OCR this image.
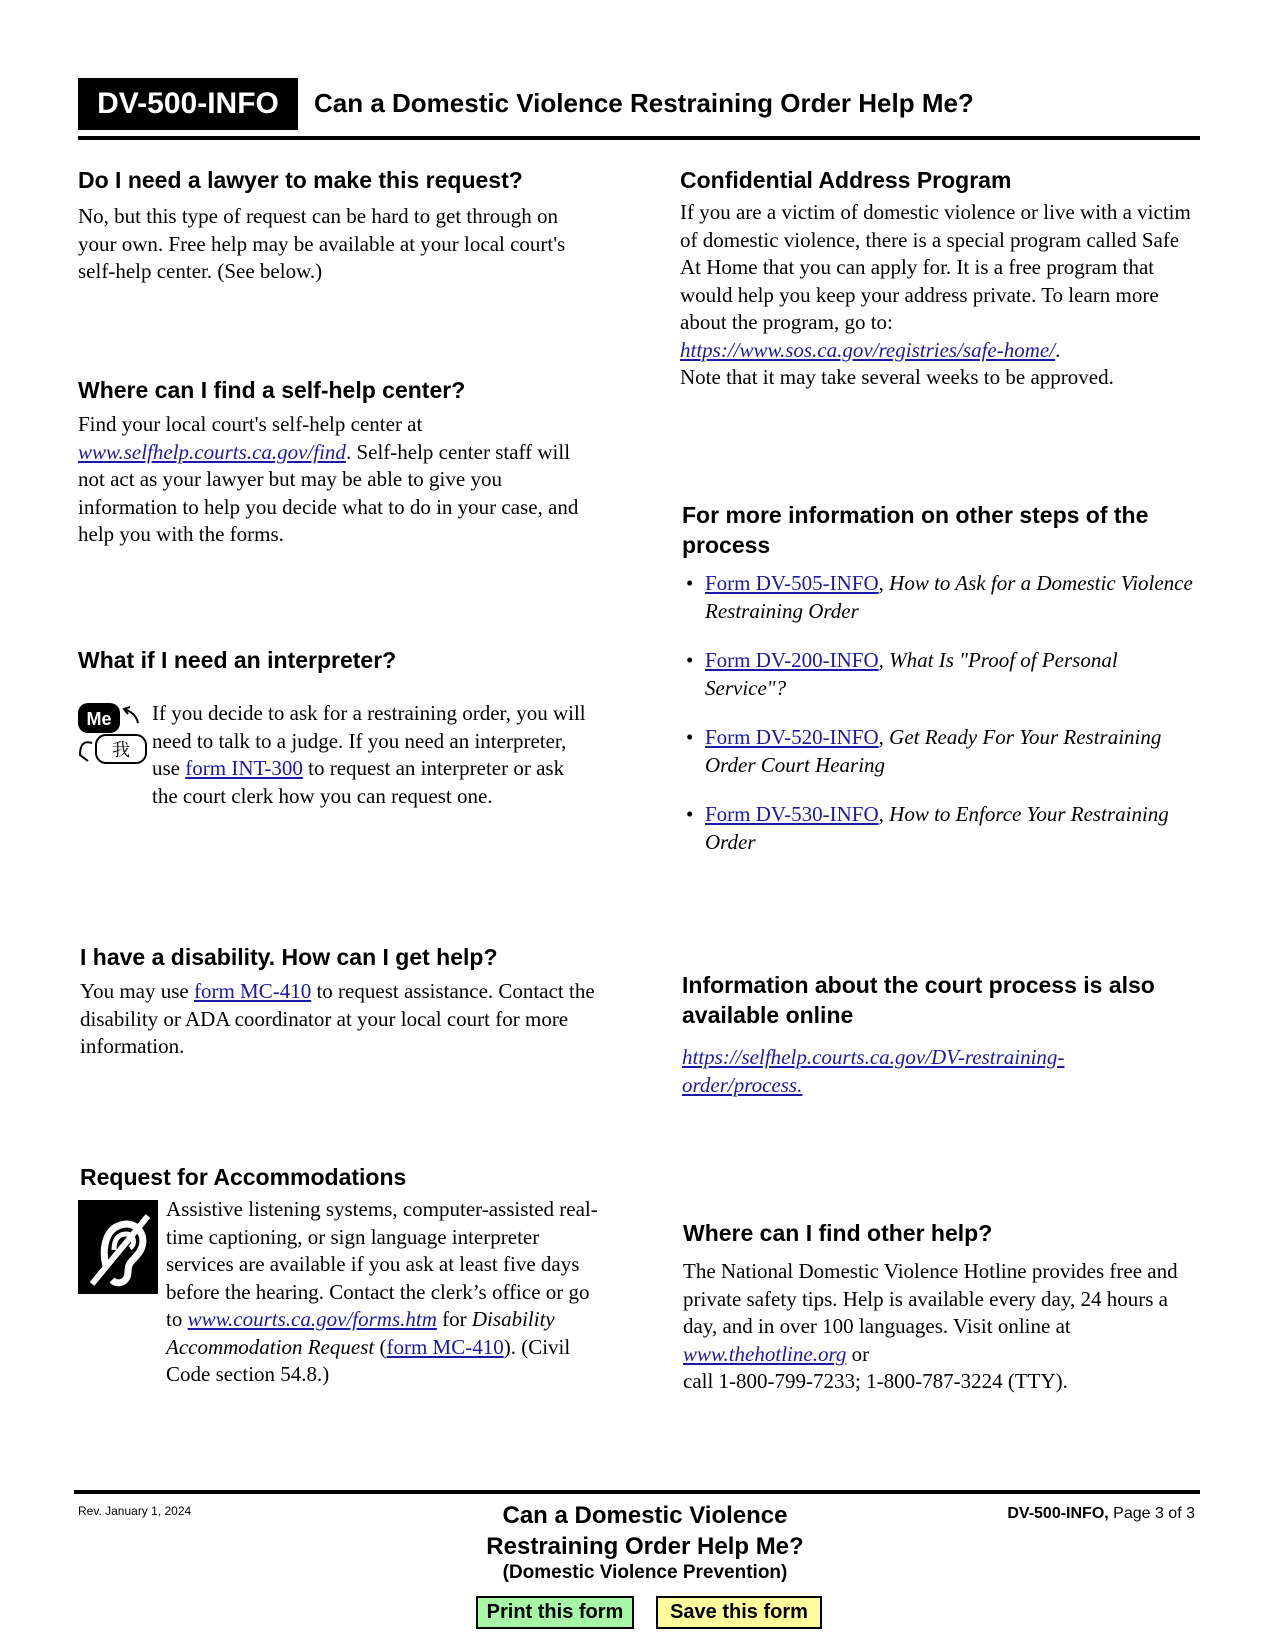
DV-500-INFO	Can a Domestic Violence Restraining Order Help Me?
Do I need a lawyer to make this request?

No, but this type of request can be hard to get through on your own. Free help may be available at your local court's self-help center. (See below.)

Where can I find a self-help center?

Find your local court's self-help center at
www.selfhelp.courts.ca.gov/find. Self-help center staff will not act as your lawyer but may be able to give you information to help you decide what to do in your case, and help you with the forms.

What if I need an interpreter?
Me
我

If you decide to ask for a restraining order, you will need to talk to a judge. If you need an interpreter, use form INT-300 to request an interpreter or ask the court clerk how you can request one.

I have a disability. How can I get help?

You may use form MC-410 to request assistance. Contact the disability or ADA coordinator at your local court for more information.

Request for Accommodations

Assistive listening systems, computer-assisted real-time captioning, or sign language interpreter services are available if you ask at least five days before the hearing. Contact the clerk’s office or go to www.courts.ca.gov/forms.htm for Disability Accommodation Request (form MC-410). (Civil Code section 54.8.)

Confidential Address Program

If you are a victim of domestic violence or live with a victim of domestic violence, there is a special program called Safe At Home that you can apply for. It is a free program that would help you keep your address private. To learn more about the program, go to:
https://www.sos.ca.gov/registries/safe-home/.
Note that it may take several weeks to be approved.

For more information on other steps of the process
• Form DV-505-INFO, How to Ask for a Domestic Violence Restraining Order
• Form DV-200-INFO, What Is "Proof of Personal Service"?
• Form DV-520-INFO, Get Ready For Your Restraining Order Court Hearing
• Form DV-530-INFO, How to Enforce Your Restraining Order
Information about the court process is also available online

https://selfhelp.courts.ca.gov/DV-restraining-order/process.

Where can I find other help?

The National Domestic Violence Hotline provides free and private safety tips. Help is available every day, 24 hours a day, and in over 100 languages. Visit online at
www.thehotline.org or
call 1-800-799-7233; 1-800-787-3224 (TTY).

Rev. January 1, 2024	Can a Domestic Violence
Restraining Order Help Me?
(Domestic Violence Prevention)
DV-500-INFO, Page 3 of 3
Print this form	Save this form
